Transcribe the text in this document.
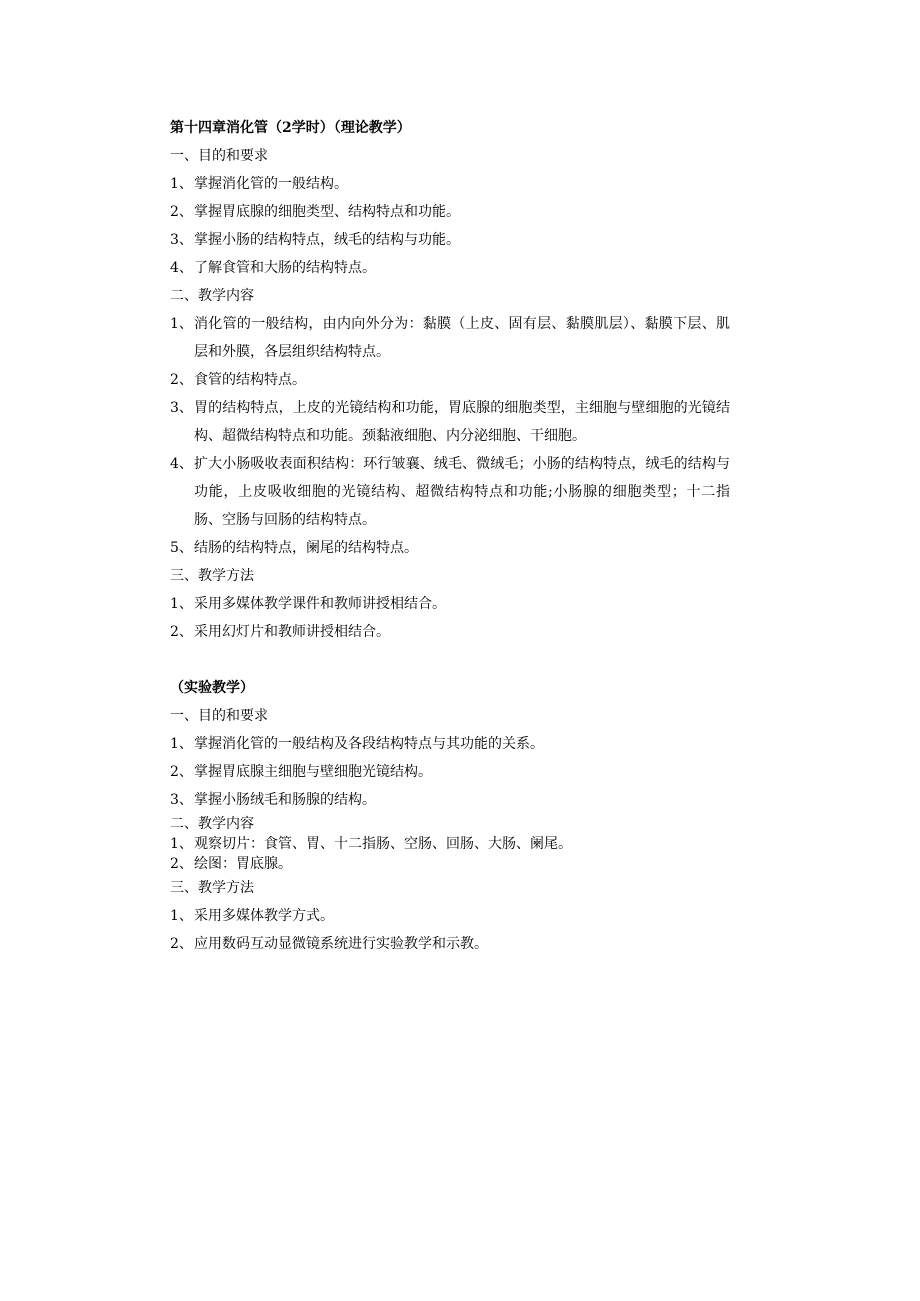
第十四章消化管（2学时）（理论教学）
一、目的和要求
1、 掌握消化管的一般结构。
2、 掌握胃底腺的细胞类型、结构特点和功能。
3、 掌握小肠的结构特点，绒毛的结构与功能。
4、 了解食管和大肠的结构特点。
二、教学内容
1、 消化管的一般结构，由内向外分为：黏膜（上皮、固有层、黏膜肌层）、黏膜下层、肌层和外膜，各层组织结构特点。
2、 食管的结构特点。
3、 胃的结构特点，上皮的光镜结构和功能，胃底腺的细胞类型，主细胞与壁细胞的光镜结构、超微结构特点和功能。颈黏液细胞、内分泌细胞、干细胞。
4、 扩大小肠吸收表面积结构：环行皱襄、绒毛、微绒毛；小肠的结构特点，绒毛的结构与功能，上皮吸收细胞的光镜结构、超微结构特点和功能;小肠腺的细胞类型；十二指肠、空肠与回肠的结构特点。
5、 结肠的结构特点，阑尾的结构特点。
三、教学方法
1、 采用多媒体教学课件和教师讲授相结合。
2、 采用幻灯片和教师讲授相结合。
（实验教学）
一、目的和要求
1、 掌握消化管的一般结构及各段结构特点与其功能的关系。
2、 掌握胃底腺主细胞与壁细胞光镜结构。
3、 掌握小肠绒毛和肠腺的结构。
二、教学内容
1、 观察切片：食管、胃、十二指肠、空肠、回肠、大肠、阑尾。
2、 绘图：胃底腺。
三、教学方法
1、 采用多媒体教学方式。
2、 应用数码互动显微镜系统进行实验教学和示教。
